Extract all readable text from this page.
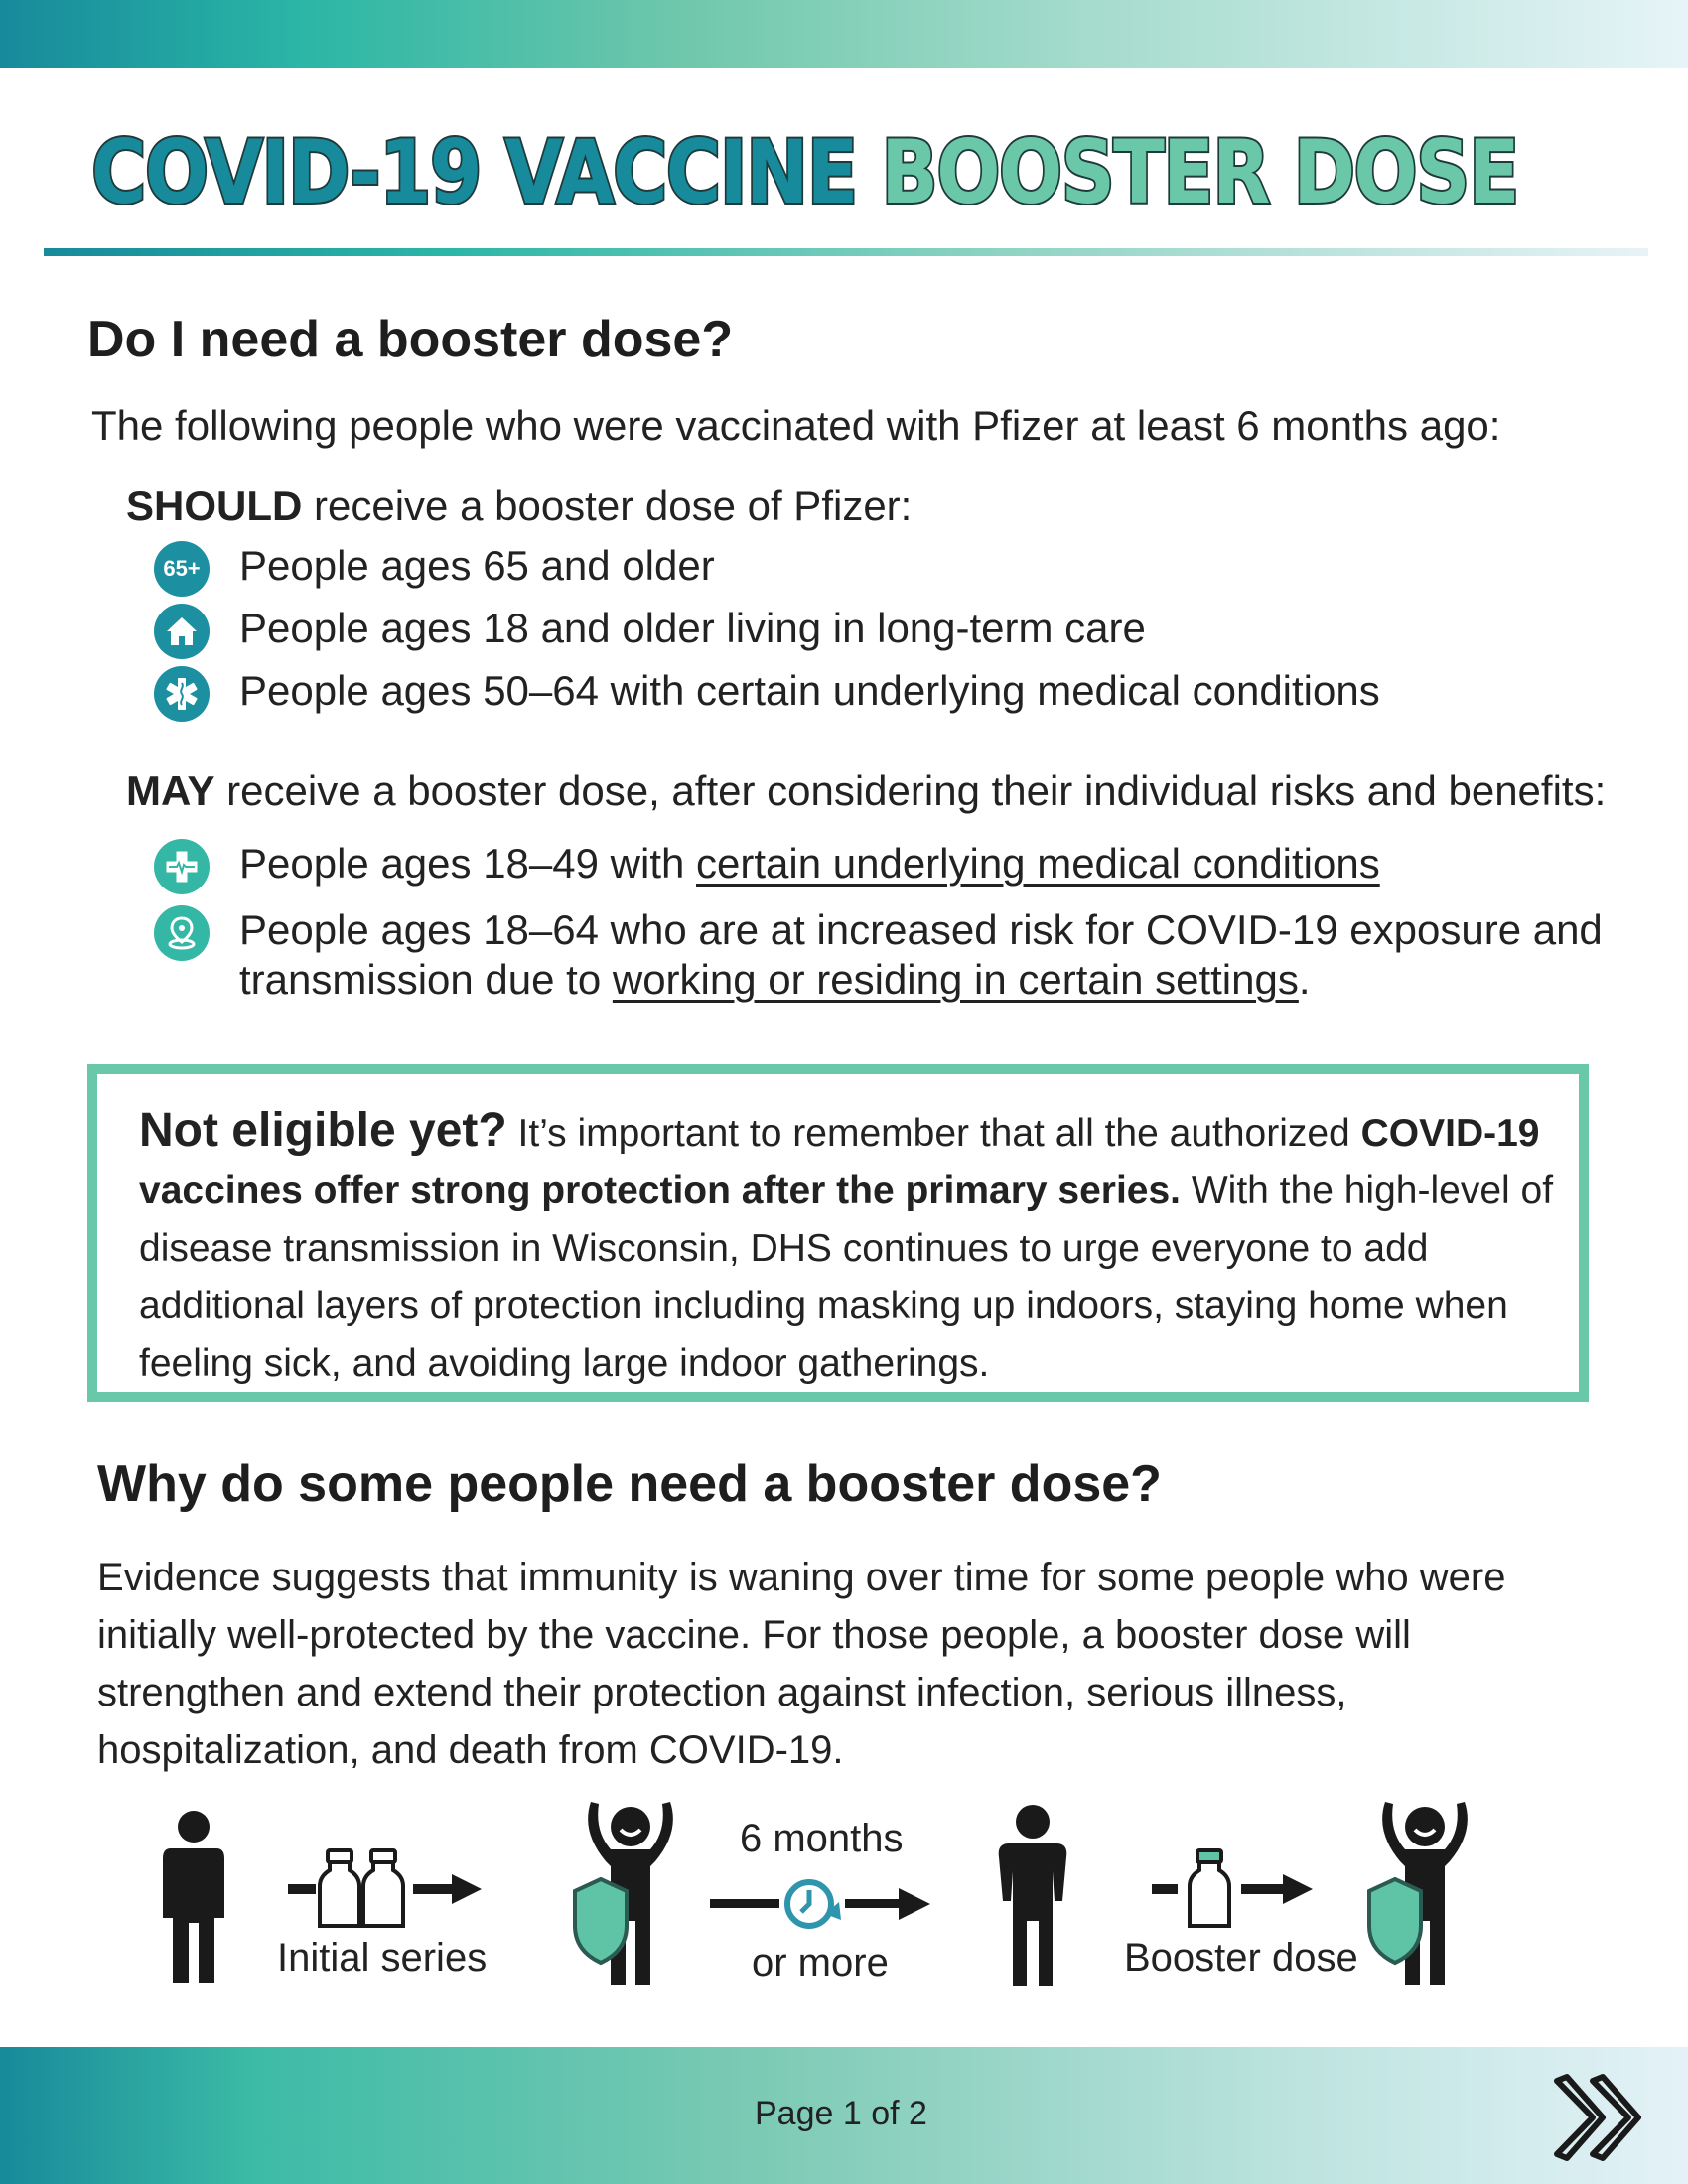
COVID-19 VACCINE BOOSTER DOSE
Do I need a booster dose?
The following people who were vaccinated with Pfizer at least 6 months ago:
SHOULD receive a booster dose of Pfizer:
65+ People ages 65 and older
People ages 18 and older living in long-term care
People ages 50–64 with certain underlying medical conditions
MAY receive a booster dose, after considering their individual risks and benefits:
People ages 18–49 with certain underlying medical conditions
People ages 18–64 who are at increased risk for COVID-19 exposure and
transmission due to working or residing in certain settings.
Not eligible yet? It’s important to remember that all the authorized COVID-19 vaccines offer strong protection after the primary series. With the high-level of disease transmission in Wisconsin, DHS continues to urge everyone to add additional layers of protection including masking up indoors, staying home when feeling sick, and avoiding large indoor gatherings.
Why do some people need a booster dose?
Evidence suggests that immunity is waning over time for some people who were initially well-protected by the vaccine. For those people, a booster dose will strengthen and extend their protection against infection, serious illness, hospitalization, and death from COVID-19.
Initial series
6 months
or more	Booster dose
Page 1 of 2
